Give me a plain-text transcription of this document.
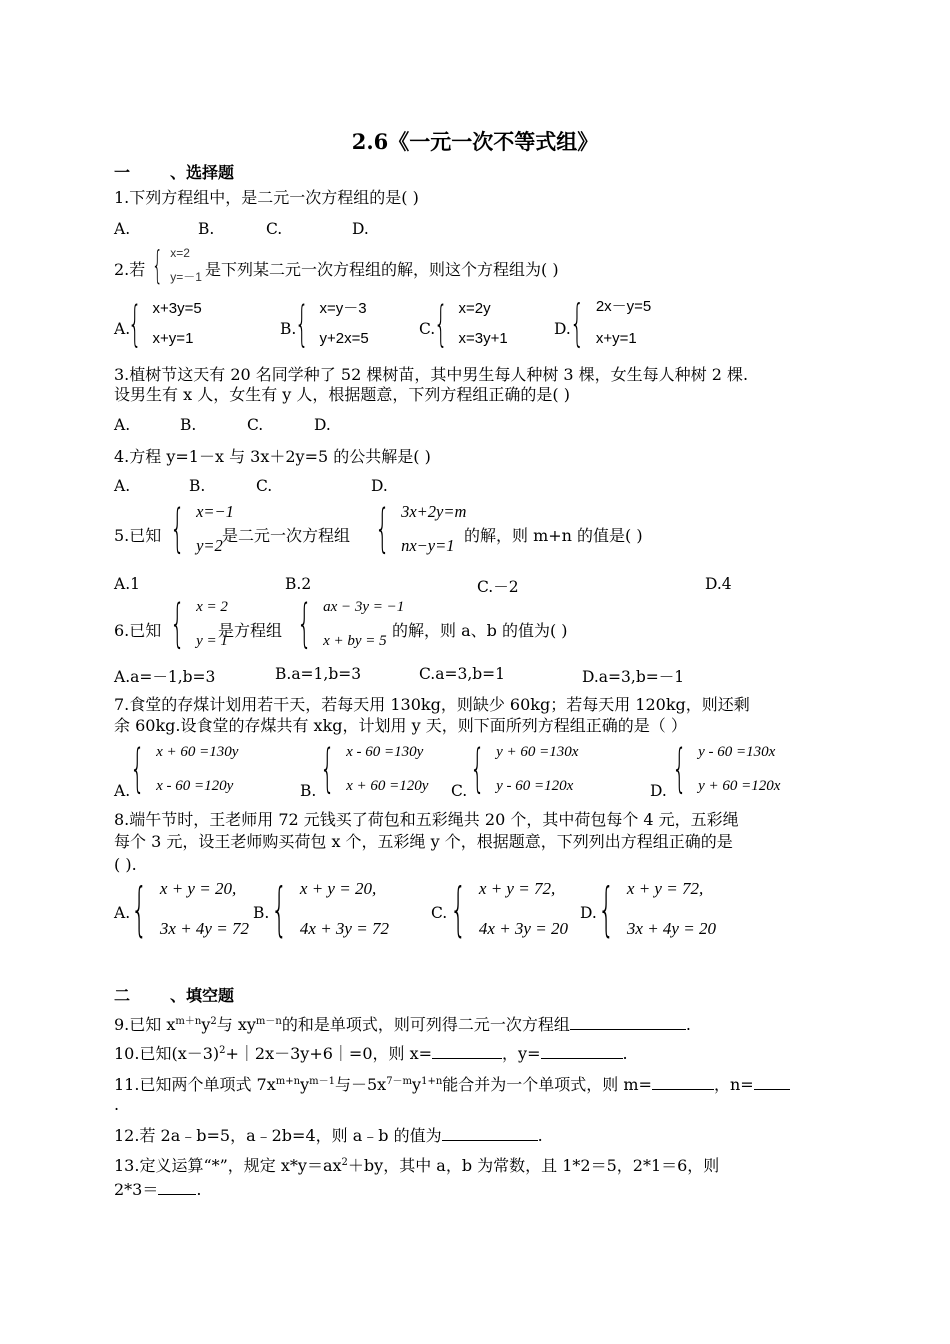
2.6《一元一次不等式组》
一 、选择题
1.下列方程组中，是二元一次方程组的是( )
A.	B.	C.	D.
2.若 { x=2
y=－1 是下列某二元一次方程组的解，则这个方程组为( )
A.
{ x+3y=5
x+y=1
B.
{ x=y－3
y+2x=5
C.
{ x=2y
x=3y+1
D. { 2x－y=5
x+y=1
3.植树节这天有 20 名同学种了 52 棵树苗，其中男生每人种树 3 棵，女生每人种树 2 棵.
设男生有 x 人，女生有 y 人，根据题意，下列方程组正确的是( )
A.	B.	C.	D.
4.方程 y=1－x 与 3x＋2y=5 的公共解是( )
A.	B.	C.	D.
5.已知 { x=−1
y=2
是二元一次方程组 { 3x+2y=m
nx−y=1
的解，则 m+n 的值是( )
A.1	B.2	C.－2	D.4
6.已知 { x = 2
y = 1
是方程组 { ax − 3y = −1
x + by = 5
的解，则 a、b 的值为( )
A.a=－1,b=3	B.a=1,b=3	C.a=3,b=1	D.a=3,b=－1
7.食堂的存煤计划用若干天，若每天用 130kg，则缺少 60kg；若每天用 120kg，则还剩
余 60kg.设食堂的存煤共有 xkg，计划用 y 天，则下面所列方程组正确的是（ ）
A. { x + 60 =130y
x - 60 =120y	B. { x - 60 =130y
x + 60 =120y C. { y + 60 =130x
y - 60 =120x	D. { y - 60 =130x
y + 60 =120x
8.端午节时，王老师用 72 元钱买了荷包和五彩绳共 20 个，其中荷包每个 4 元，五彩绳
每个 3 元，设王老师购买荷包 x 个，五彩绳 y 个，根据题意，下列列出方程组正确的是
( ).
A. { x + y = 20,
3x + 4y = 72
B. { x + y = 20,
4x + 3y = 72
C. { x + y = 72,
4x + 3y = 20
D. { x + y = 72,
3x + 4y = 20
二 、填空题
9.已知 $x^{m+n}y^2$与 $xy^{m-n}$的和是单项式，则可列得二元一次方程组	.
10.已知$(x-3)^2+|2x-3y+6|=0$，则 x=	，y=	.
11.已知两个单项式 $7x^{m+n}y^{m-1}$与$-5x^{7-m}y^{1+n}$能合并为一个单项式，则 m=	，n=
.
12.若 2a﹣b=5，a﹣2b=4，则 a﹣b 的值为	.
13.定义运算“*”，规定 $x*y=ax^2+by$，其中 a，b 为常数，且 1*2＝5，2*1＝6，则
2*3＝ .
